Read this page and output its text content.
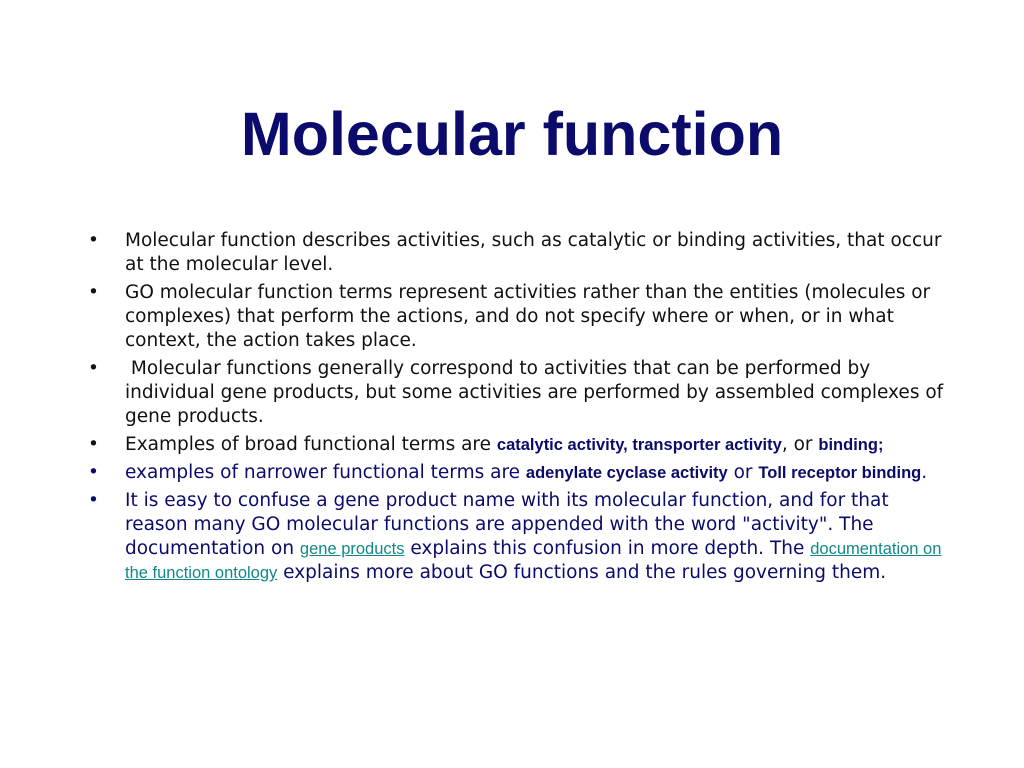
Molecular function
• Molecular function describes activities, such as catalytic or binding activities, that occur at the molecular level.
• GO molecular function terms represent activities rather than the entities (molecules or complexes) that perform the actions, and do not specify where or when, or in what context, the action takes place.
• Molecular functions generally correspond to activities that can be performed by individual gene products, but some activities are performed by assembled complexes of gene products.
• Examples of broad functional terms are catalytic activity, transporter activity, or binding;
• examples of narrower functional terms are adenylate cyclase activity or Toll receptor binding.
• It is easy to confuse a gene product name with its molecular function, and for that reason many GO molecular functions are appended with the word "activity". The documentation on gene products explains this confusion in more depth. The documentation on the function ontology explains more about GO functions and the rules governing them.
